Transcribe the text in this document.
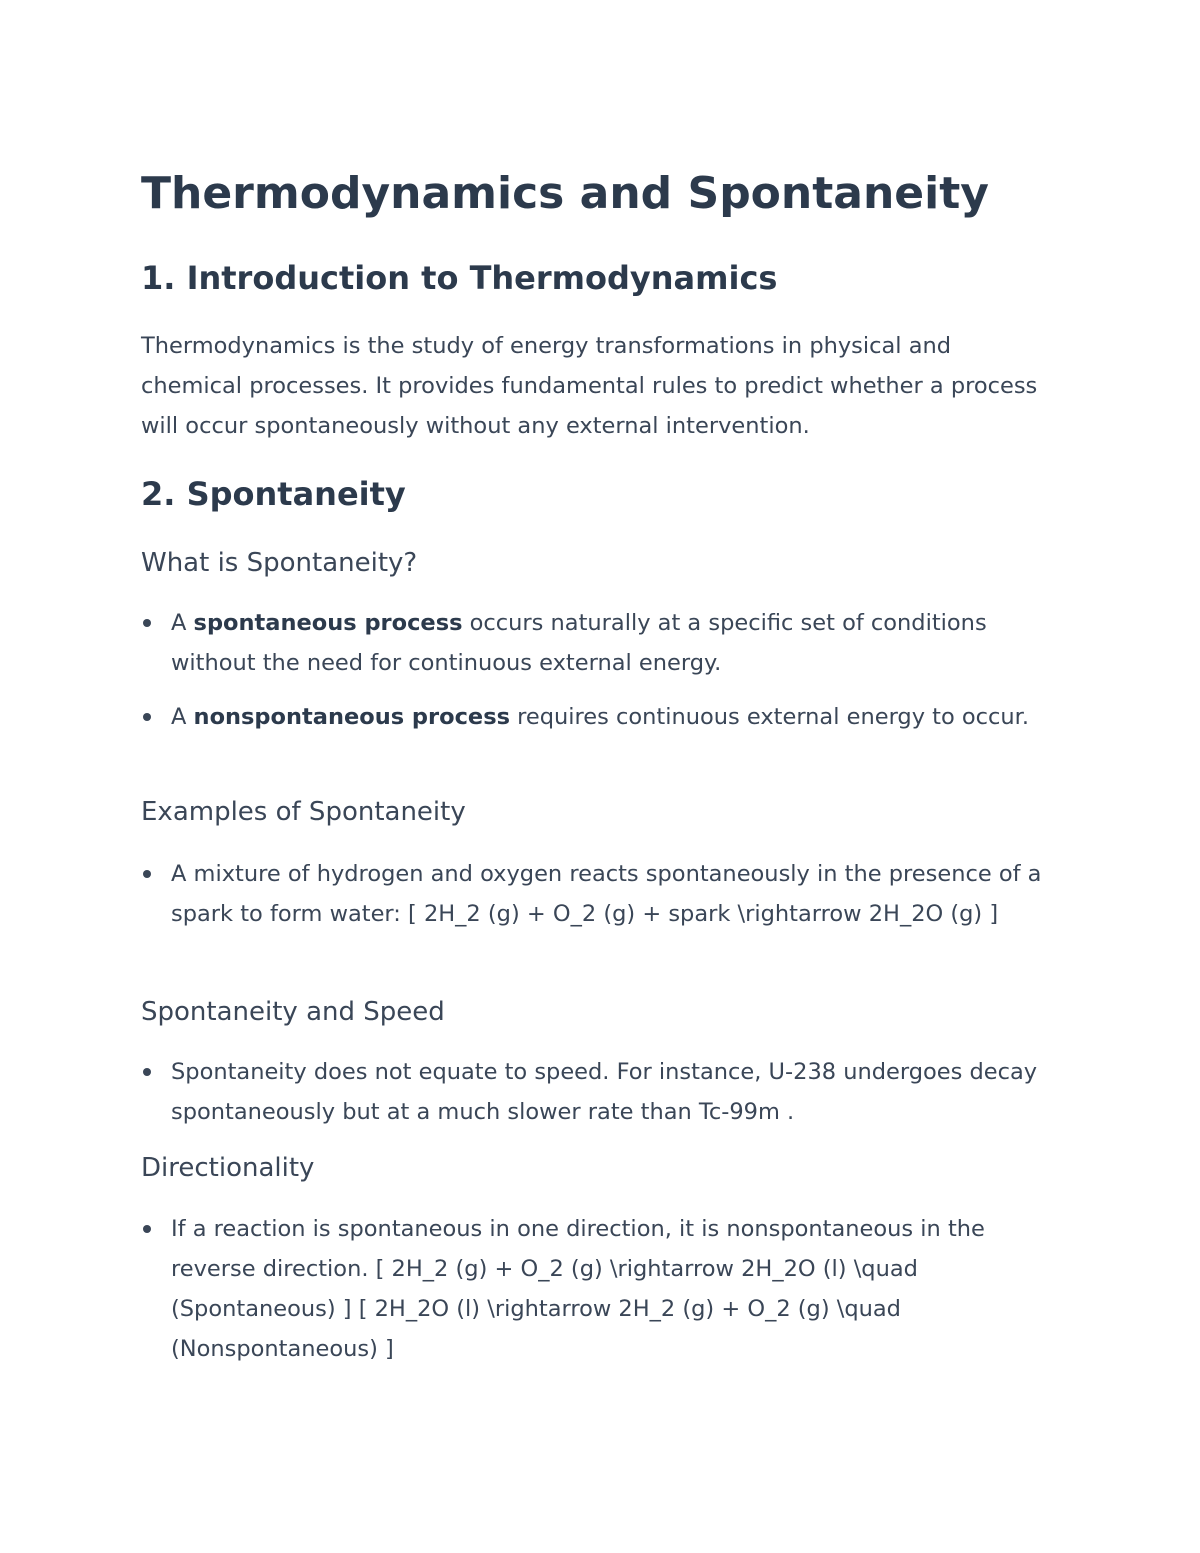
Thermodynamics and Spontaneity
1. Introduction to Thermodynamics

Thermodynamics is the study of energy transformations in physical and chemical processes. It provides fundamental rules to predict whether a process will occur spontaneously without any external intervention.

2. Spontaneity
What is Spontaneity?
A spontaneous process occurs naturally at a specific set of conditions without the need for continuous external energy.
A nonspontaneous process requires continuous external energy to occur.
Examples of Spontaneity
A mixture of hydrogen and oxygen reacts spontaneously in the presence of a spark to form water: [ 2H_2 (g) + O_2 (g) + spark \rightarrow 2H_2O (g) ]
Spontaneity and Speed
Spontaneity does not equate to speed. For instance, U-238 undergoes decay spontaneously but at a much slower rate than Tc-99m .
Directionality
If a reaction is spontaneous in one direction, it is nonspontaneous in the reverse direction. [ 2H_2 (g) + O_2 (g) \rightarrow 2H_2O (l) \quad (Spontaneous) ] [ 2H_2O (l) \rightarrow 2H_2 (g) + O_2 (g) \quad (Nonspontaneous) ]
